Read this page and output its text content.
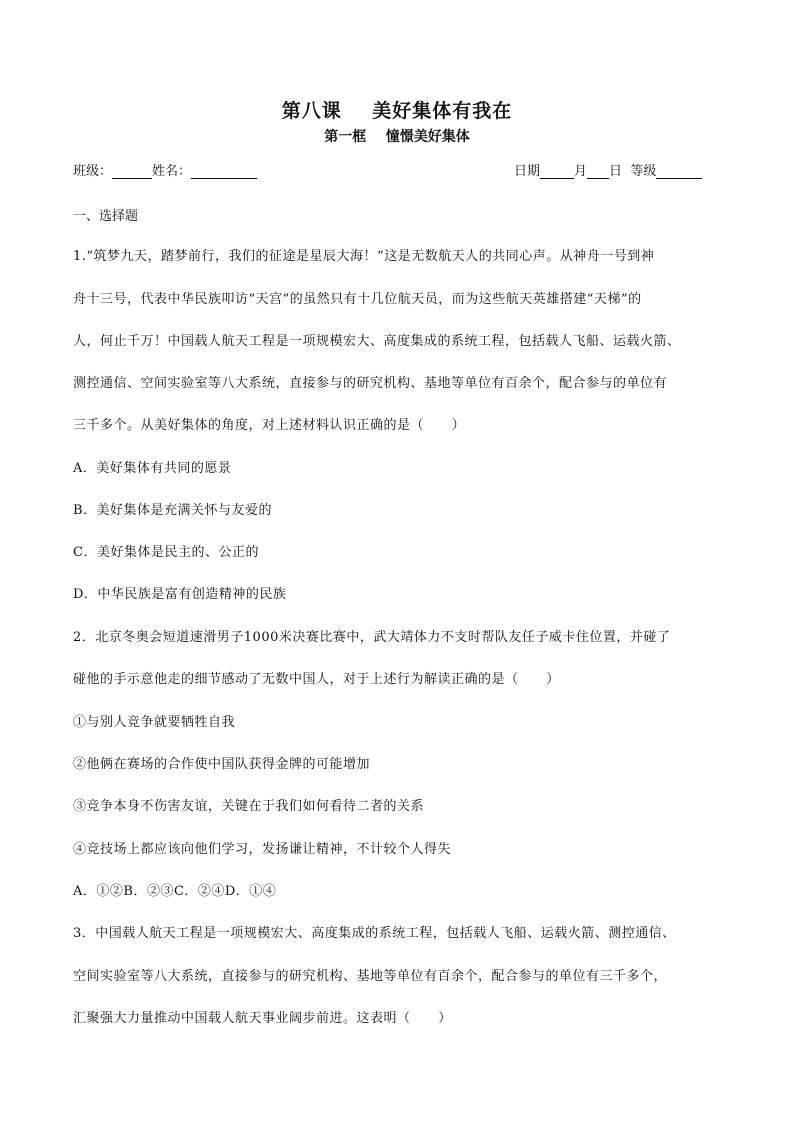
第八课    美好集体有我在
第一框    憧憬美好集体
班级：	姓名：	日期	月 日 等级
一、选择题
1.“筑梦九天，踏梦前行，我们的征途是星辰大海！“这是无数航天人的共同心声。从神舟一号到神
舟十三号，代表中华民族叩访“天宫”的虽然只有十几位航天员，而为这些航天英雄搭建“天梯”的
人，何止千万！中国载人航天工程是一项规模宏大、高度集成的系统工程，包括载人飞船、运载火箭、
测控通信、空间实验室等八大系统，直接参与的研究机构、基地等单位有百余个，配合参与的单位有
三千多个。从美好集体的角度，对上述材料认识正确的是（      ）
A．美好集体有共同的愿景
B．美好集体是充满关怀与友爱的
C．美好集体是民主的、公正的
D．中华民族是富有创造精神的民族
2．北京冬奥会短道速滑男子1000米决赛比赛中，武大靖体力不支时帮队友任子威卡住位置，并碰了
碰他的手示意他走的细节感动了无数中国人，对于上述行为解读正确的是（      ）
①与别人竞争就要牺牲自我
②他俩在赛场的合作使中国队获得金牌的可能增加
③竞争本身不伤害友谊，关键在于我们如何看待二者的关系
④竞技场上都应该向他们学习，发扬谦让精神，不计较个人得失
A．①②B．②③C．②④D．①④
3．中国载人航天工程是一项规模宏大、高度集成的系统工程，包括载人飞船、运载火箭、测控通信、
空间实验室等八大系统，直接参与的研究机构、基地等单位有百余个，配合参与的单位有三千多个，
汇聚强大力量推动中国载人航天事业阔步前进。这表明（      ）
